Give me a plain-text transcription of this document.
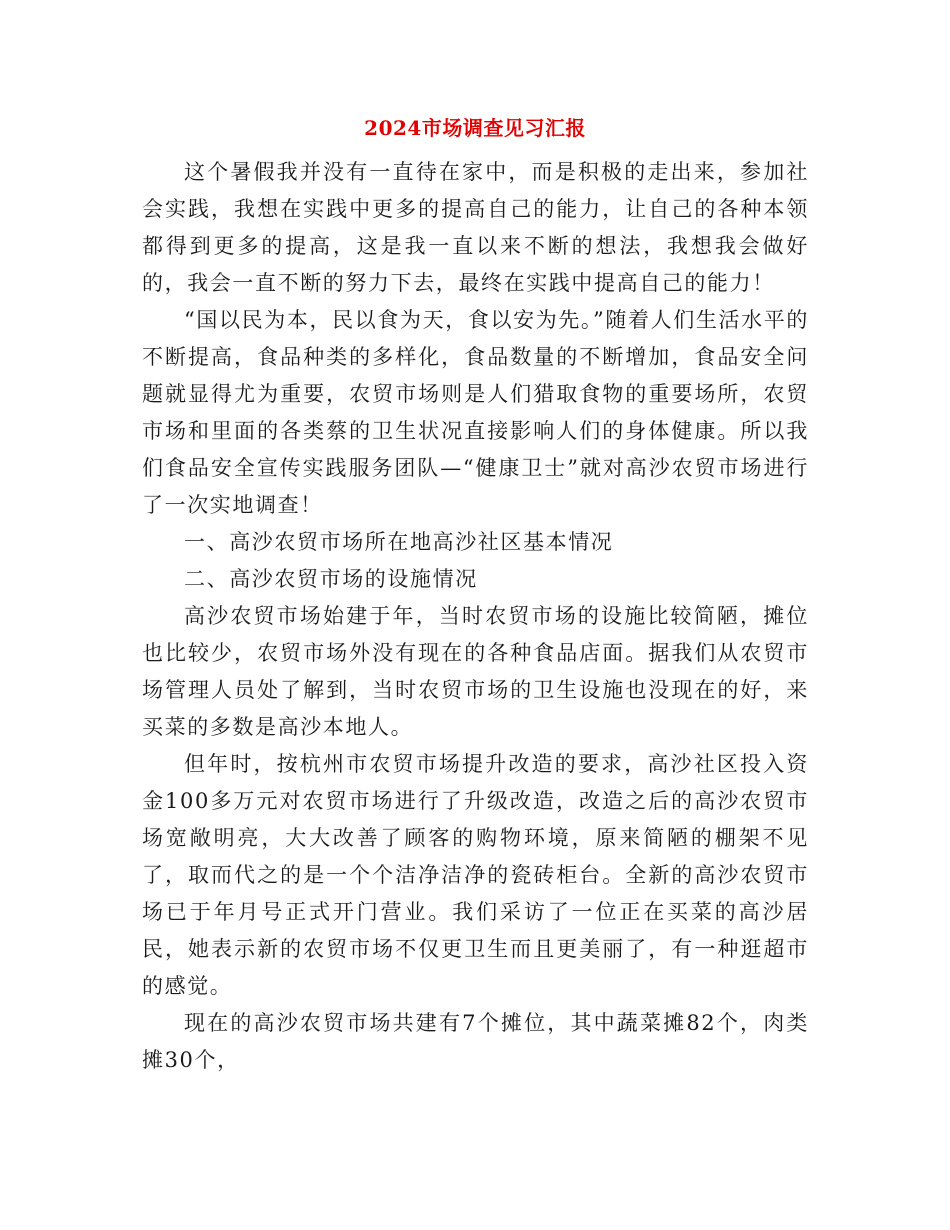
2024市场调查见习汇报

这个暑假我并没有一直待在家中，而是积极的走出来，参加社会实践，我想在实践中更多的提高自己的能力，让自己的各种本领都得到更多的提高，这是我一直以来不断的想法，我想我会做好的，我会一直不断的努力下去，最终在实践中提高自己的能力！

“国以民为本，民以食为天，食以安为先。”随着人们生活水平的不断提高，食品种类的多样化，食品数量的不断增加，食品安全问题就显得尤为重要，农贸市场则是人们猎取食物的重要场所，农贸市场和里面的各类蔡的卫生状况直接影响人们的身体健康。所以我们食品安全宣传实践服务团队—“健康卫士”就对高沙农贸市场进行了一次实地调查！

一、高沙农贸市场所在地高沙社区基本情况

二、高沙农贸市场的设施情况

高沙农贸市场始建于年，当时农贸市场的设施比较简陋，摊位也比较少，农贸市场外没有现在的各种食品店面。据我们从农贸市场管理人员处了解到，当时农贸市场的卫生设施也没现在的好，来买菜的多数是高沙本地人。

但年时，按杭州市农贸市场提升改造的要求，高沙社区投入资金100多万元对农贸市场进行了升级改造，改造之后的高沙农贸市场宽敞明亮，大大改善了顾客的购物环境，原来简陋的棚架不见了，取而代之的是一个个洁净洁净的瓷砖柜台。全新的高沙农贸市场已于年月号正式开门营业。我们采访了一位正在买菜的高沙居民，她表示新的农贸市场不仅更卫生而且更美丽了，有一种逛超市的感觉。

现在的高沙农贸市场共建有7个摊位，其中蔬菜摊82个，肉类摊30个，
